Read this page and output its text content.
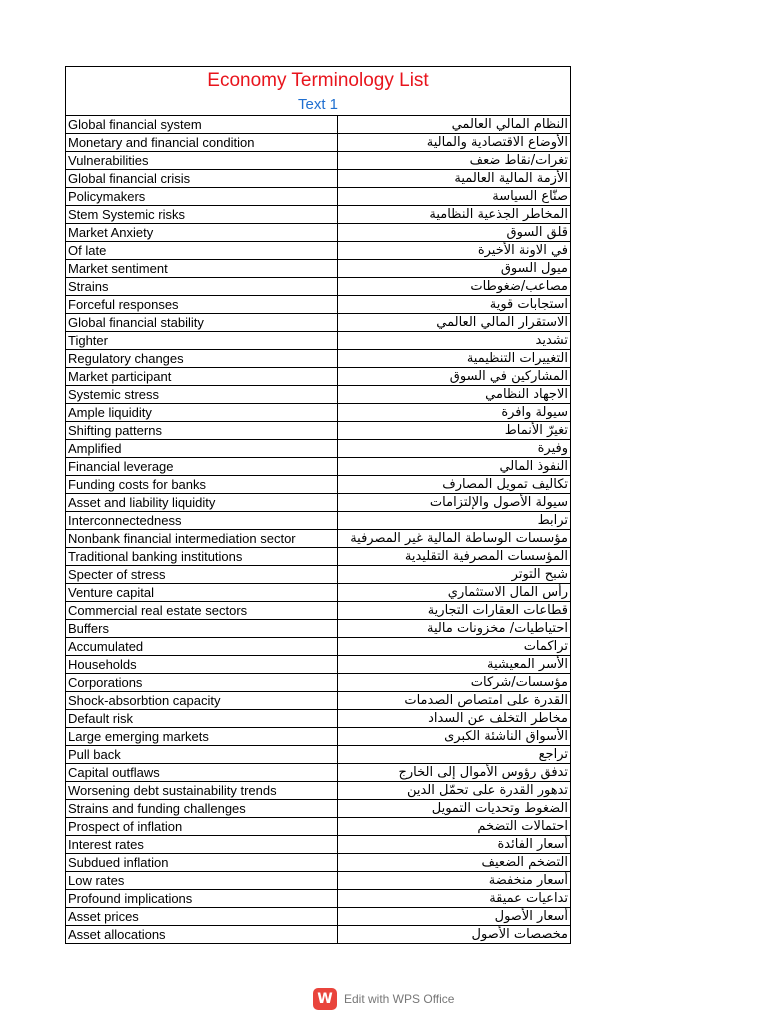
Economy Terminology List
Text 1
Global financial system	النظام المالي العالمي
Monetary and financial condition	الأوضاع الاقتصادية والمالية
Vulnerabilities	تغرات/نقاط ضعف
Global financial crisis	الأزمة المالية العالمية
Policymakers	صنّاع السياسة
Stem Systemic risks	المخاطر الجذعية النظامية
Market Anxiety	قلق السوق
Of late	في الاونة الأخيرة
Market sentiment	ميول السوق
Strains	مصاعب/ضغوطات
Forceful responses	استجابات قوية
Global financial stability	الاستقرار المالي العالمي
Tighter	تشديد
Regulatory changes	التغييرات التنظيمية
Market participant	المشاركين في السوق
Systemic stress	الاجهاد النظامي
Ample liquidity	سيولة وافرة
Shifting patterns	تغيرّ الأنماط
Amplified	وفيرة
Financial leverage	النفوذ المالي
Funding costs for banks	تكاليف تمويل المصارف
Asset and liability liquidity	سيولة الأصول والإلتزامات
Interconnectedness	ترابط
Nonbank financial intermediation sector	مؤسسات الوساطة المالية غير المصرفية
Traditional banking institutions	المؤسسات المصرفية التقليدية
Specter of stress	شبح التوتر
Venture capital	رأس المال الاستثماري
Commercial real estate sectors	قطاعات العقارات التجارية
Buffers	احتياطيات/ مخزونات مالية
Accumulated	تراكمات
Households	الأسر المعيشية
Corporations	مؤسسات/شركات
Shock-absorbtion capacity	القدرة على امتصاص الصدمات
Default risk	مخاطر التخلف عن السداد
Large emerging markets	الأسواق الناشئة الكبرى
Pull back	تراجع
Capital outflaws	تدفق رؤوس الأموال إلى الخارج
Worsening debt sustainability trends	تدهور القدرة على تحمّل الدين
Strains and funding challenges	الضغوط وتحديات التمويل
Prospect of inflation	احتمالات التضخم
Interest rates	أسعار الفائدة
Subdued inflation	التضخم الضعيف
Low rates	أسعار منخفضة
Profound implications	تداعيات عميقة
Asset prices	أسعار الأصول
Asset allocations	مخصصات الأصول
W Edit with WPS Office
